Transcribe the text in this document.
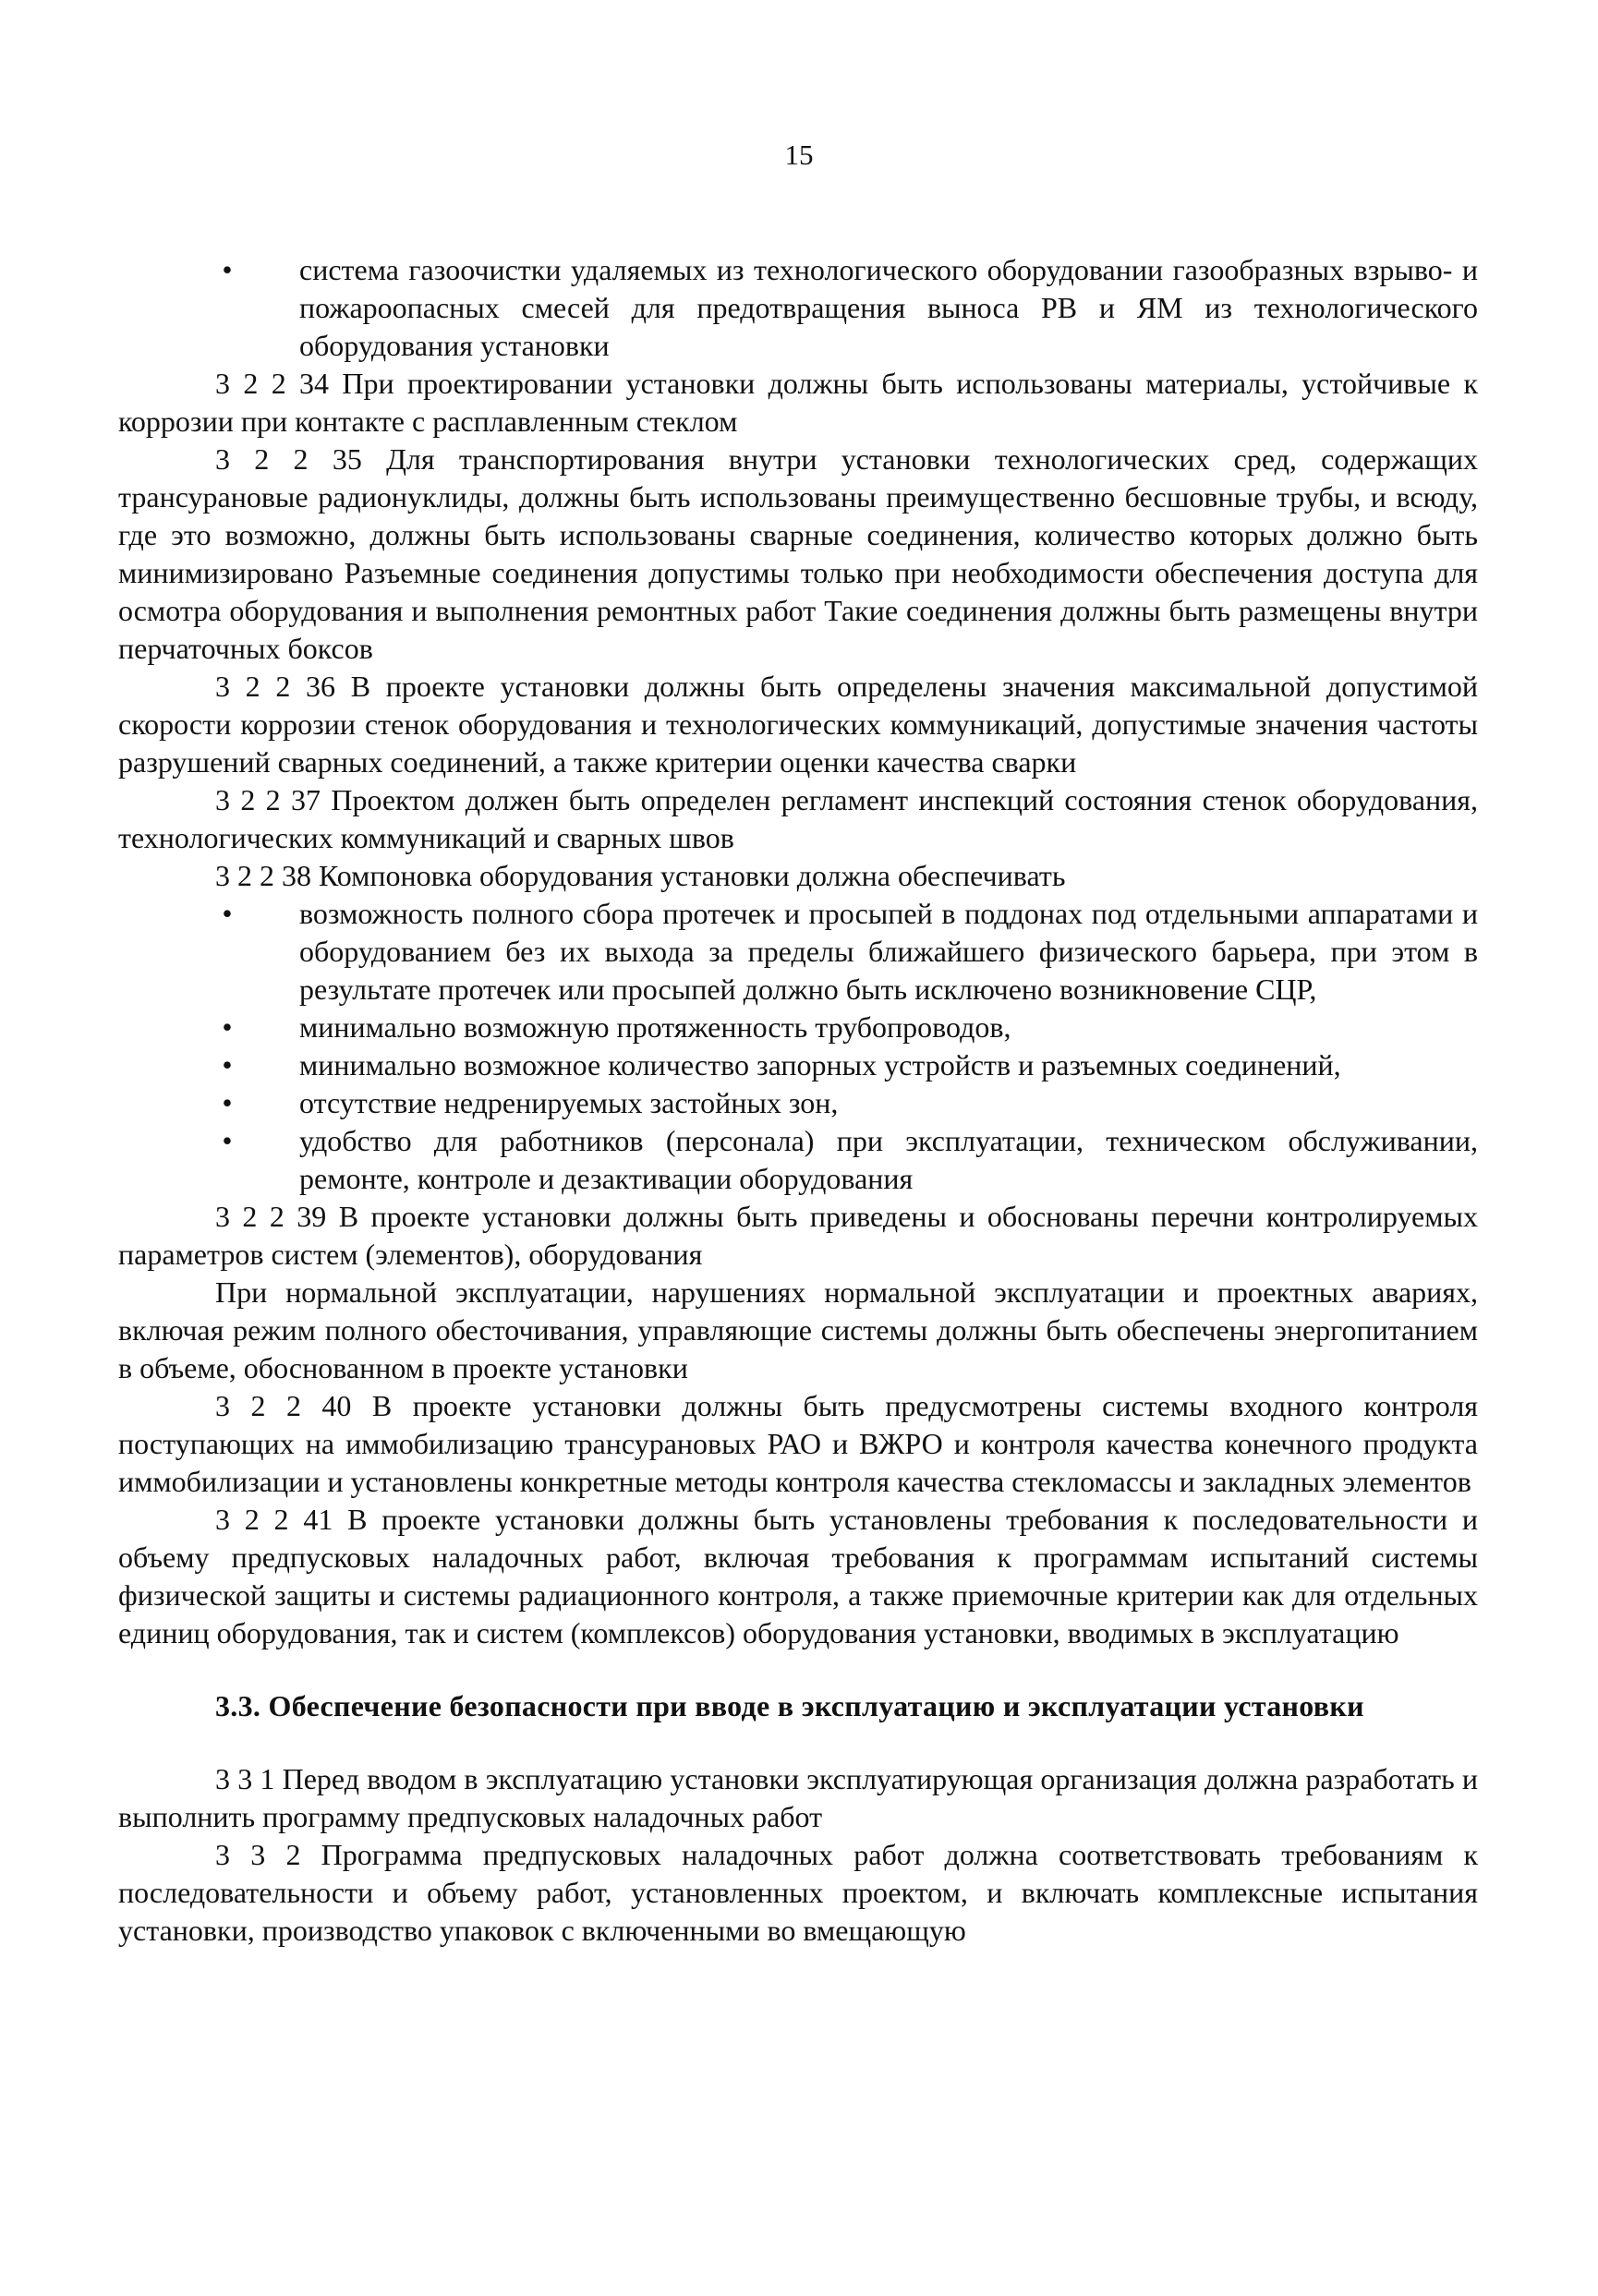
15

• система газоочистки удаляемых из технологического оборудовании газообразных взрыво- и пожароопасных смесей для предотвращения выноса РВ и ЯМ из технологического оборудования установки

3 2 2 34 При проектировании установки должны быть использованы материалы, устойчивые к коррозии при контакте с расплавленным стеклом

3 2 2 35 Для транспортирования внутри установки технологических сред, содержащих трансурановые радионуклиды, должны быть использованы преимущественно бесшовные трубы, и всюду, где это возможно, должны быть использованы сварные соединения, количество которых должно быть минимизировано Разъемные соединения допустимы только при необходимости обеспечения доступа для осмотра оборудования и выполнения ремонтных работ Такие соединения должны быть размещены внутри перчаточных боксов

3 2 2 36 В проекте установки должны быть определены значения максимальной допустимой скорости коррозии стенок оборудования и технологических коммуникаций, допустимые значения частоты разрушений сварных соединений, а также критерии оценки качества сварки

3 2 2 37 Проектом должен быть определен регламент инспекций состояния стенок оборудования, технологических коммуникаций и сварных швов

3 2 2 38 Компоновка оборудования установки должна обеспечивать

• возможность полного сбора протечек и просыпей в поддонах под отдельными аппаратами и оборудованием без их выхода за пределы ближайшего физического барьера, при этом в результате протечек или просыпей должно быть исключено возникновение СЦР,

• минимально возможную протяженность трубопроводов,

• минимально возможное количество запорных устройств и разъемных соединений,

• отсутствие недренируемых застойных зон,

• удобство для работников (персонала) при эксплуатации, техническом обслуживании, ремонте, контроле и дезактивации оборудования

3 2 2 39 В проекте установки должны быть приведены и обоснованы перечни контролируемых параметров систем (элементов), оборудования

При нормальной эксплуатации, нарушениях нормальной эксплуатации и проектных авариях, включая режим полного обесточивания, управляющие системы должны быть обеспечены энергопитанием в объеме, обоснованном в проекте установки

3 2 2 40 В проекте установки должны быть предусмотрены системы входного контроля поступающих на иммобилизацию трансурановых РАО и ВЖРО и контроля качества конечного продукта иммобилизации и установлены конкретные методы контроля качества стекломассы и закладных элементов

3 2 2 41 В проекте установки должны быть установлены требования к последовательности и объему предпусковых наладочных работ, включая требования к программам испытаний системы физической защиты и системы радиационного контроля, а также приемочные критерии как для отдельных единиц оборудования, так и систем (комплексов) оборудования установки, вводимых в эксплуатацию

3.3. Обеспечение безопасности при вводе в эксплуатацию и эксплуатации установки

3 3 1 Перед вводом в эксплуатацию установки эксплуатирующая организация должна разработать и выполнить программу предпусковых наладочных работ

3 3 2 Программа предпусковых наладочных работ должна соответствовать требованиям к последовательности и объему работ, установленных проектом, и включать комплексные испытания установки, производство упаковок с включенными во вмещающую
